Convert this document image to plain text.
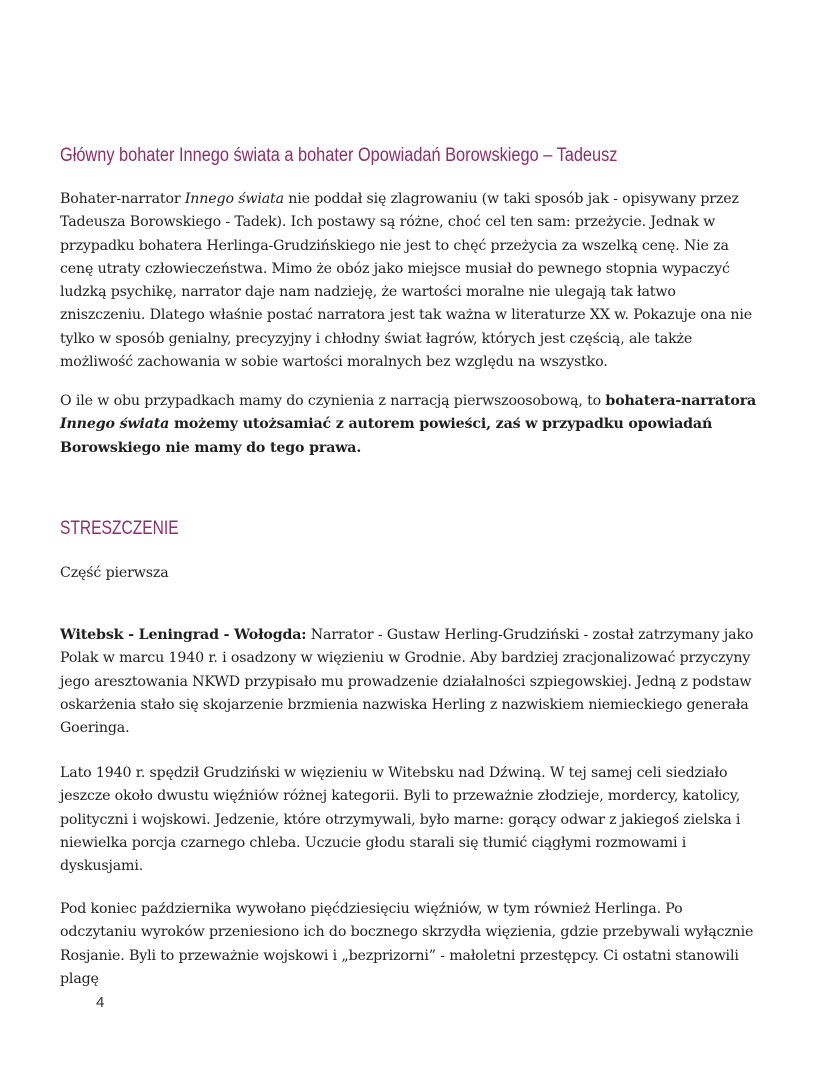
Główny bohater Innego świata a bohater Opowiadań Borowskiego – Tadeusz

Bohater-narrator Innego świata nie poddał się zlagrowaniu (w taki sposób jak - opisywany przez Tadeusza Borowskiego - Tadek). Ich postawy są różne, choć cel ten sam: przeżycie. Jednak w przypadku bohatera Herlinga-Grudzińskiego nie jest to chęć przeżycia za wszelką cenę. Nie za cenę utraty człowieczeństwa. Mimo że obóz jako miejsce musiał do pewnego stopnia wypaczyć ludzką psychikę, narrator daje nam nadzieję, że wartości moralne nie ulegają tak łatwo zniszczeniu. Dlatego właśnie postać narratora jest tak ważna w literaturze XX w. Pokazuje ona nie tylko w sposób genialny, precyzyjny i chłodny świat łagrów, których jest częścią, ale także możliwość zachowania w sobie wartości moralnych bez względu na wszystko.

O ile w obu przypadkach mamy do czynienia z narracją pierwszoosobową, to bohatera-narratora Innego świata możemy utożsamiać z autorem powieści, zaś w przypadku opowiadań Borowskiego nie mamy do tego prawa.

STRESZCZENIE

Część pierwsza

Witebsk - Leningrad - Wołogda: Narrator - Gustaw Herling-Grudziński - został zatrzymany jako Polak w marcu 1940 r. i osadzony w więzieniu w Grodnie. Aby bardziej zracjonalizować przyczyny jego aresztowania NKWD przypisało mu prowadzenie działalności szpiegowskiej. Jedną z podstaw oskarżenia stało się skojarzenie brzmienia nazwiska Herling z nazwiskiem niemieckiego generała Goeringa.

Lato 1940 r. spędził Grudziński w więzieniu w Witebsku nad Dźwiną. W tej samej celi siedziało jeszcze około dwustu więźniów różnej kategorii. Byli to przeważnie złodzieje, mordercy, katolicy, polityczni i wojskowi. Jedzenie, które otrzymywali, było marne: gorący odwar z jakiegoś zielska i niewielka porcja czarnego chleba. Uczucie głodu starali się tłumić ciągłymi rozmowami i dyskusjami.

Pod koniec października wywołano pięćdziesięciu więźniów, w tym również Herlinga. Po odczytaniu wyroków przeniesiono ich do bocznego skrzydła więzienia, gdzie przebywali wyłącznie Rosjanie. Byli to przeważnie wojskowi i „bezprizorni” - małoletni przestępcy. Ci ostatni stanowili plagę

4
